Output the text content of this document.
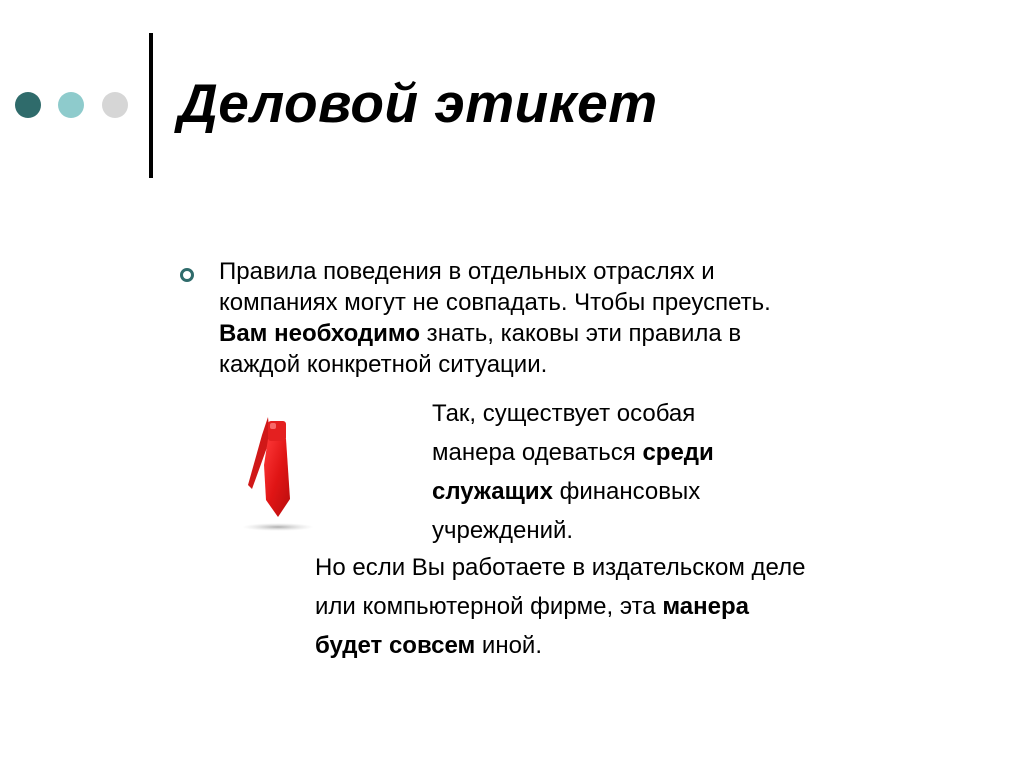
Деловой этикет
Правила поведения в отдельных отраслях и
компаниях могут не совпадать. Чтобы преуспеть.
Вам необходимо знать, каковы эти правила в
каждой конкретной ситуации.
Так, существует особая
манера одеваться среди
служащих финансовых
учреждений.
Но если Вы работаете в издательском деле
или компьютерной фирме, эта манера
будет совсем иной.
